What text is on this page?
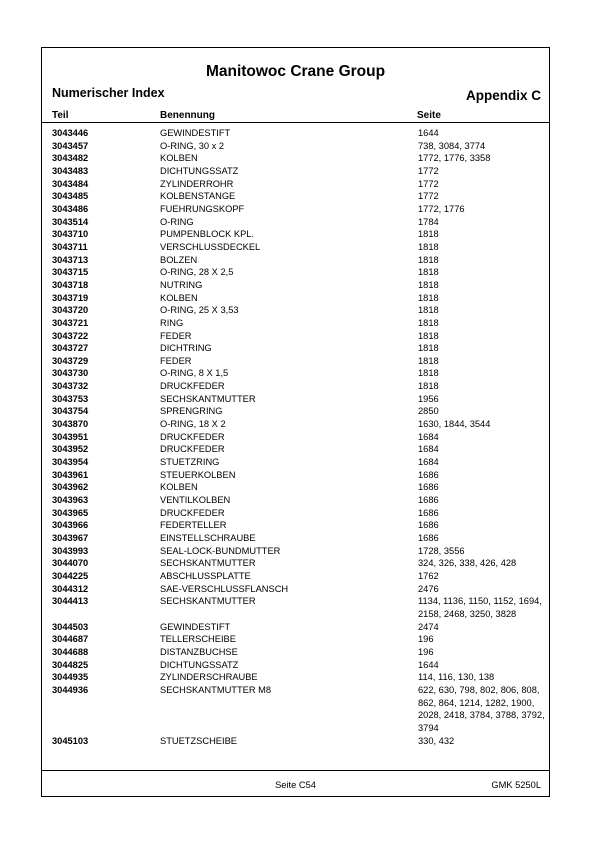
Manitowoc Crane Group
Numerischer Index	Appendix C
Teil	Benennung	Seite
3043446	GEWINDESTIFT	1644
3043457	O-RING, 30 x 2	738, 3084, 3774
3043482	KOLBEN	1772, 1776, 3358
3043483	DICHTUNGSSATZ	1772
3043484	ZYLINDERROHR	1772
3043485	KOLBENSTANGE	1772
3043486	FUEHRUNGSKOPF	1772, 1776
3043514	O-RING	1784
3043710	PUMPENBLOCK KPL.	1818
3043711	VERSCHLUSSDECKEL	1818
3043713	BOLZEN	1818
3043715	O-RING, 28 X 2,5	1818
3043718	NUTRING	1818
3043719	KOLBEN	1818
3043720	O-RING, 25 X 3,53	1818
3043721	RING	1818
3043722	FEDER	1818
3043727	DICHTRING	1818
3043729	FEDER	1818
3043730	O-RING, 8 X 1,5	1818
3043732	DRUCKFEDER	1818
3043753	SECHSKANTMUTTER	1956
3043754	SPRENGRING	2850
3043870	O-RING, 18 X 2	1630, 1844, 3544
3043951	DRUCKFEDER	1684
3043952	DRUCKFEDER	1684
3043954	STUETZRING	1684
3043961	STEUERKOLBEN	1686
3043962	KOLBEN	1686
3043963	VENTILKOLBEN	1686
3043965	DRUCKFEDER	1686
3043966	FEDERTELLER	1686
3043967	EINSTELLSCHRAUBE	1686
3043993	SEAL-LOCK-BUNDMUTTER	1728, 3556
3044070	SECHSKANTMUTTER	324, 326, 338, 426, 428
3044225	ABSCHLUSSPLATTE	1762
3044312	SAE-VERSCHLUSSFLANSCH	2476
3044413	SECHSKANTMUTTER	1134, 1136, 1150, 1152, 1694, 2158, 2468, 3250, 3828
3044503	GEWINDESTIFT	2474
3044687	TELLERSCHEIBE	196
3044688	DISTANZBUCHSE	196
3044825	DICHTUNGSSATZ	1644
3044935	ZYLINDERSCHRAUBE	114, 116, 130, 138
3044936	SECHSKANTMUTTER M8	622, 630, 798, 802, 806, 808, 862, 864, 1214, 1282, 1900, 2028, 2418, 3784, 3788, 3792, 3794
3045103	STUETZSCHEIBE	330, 432
Seite C54	GMK 5250L
